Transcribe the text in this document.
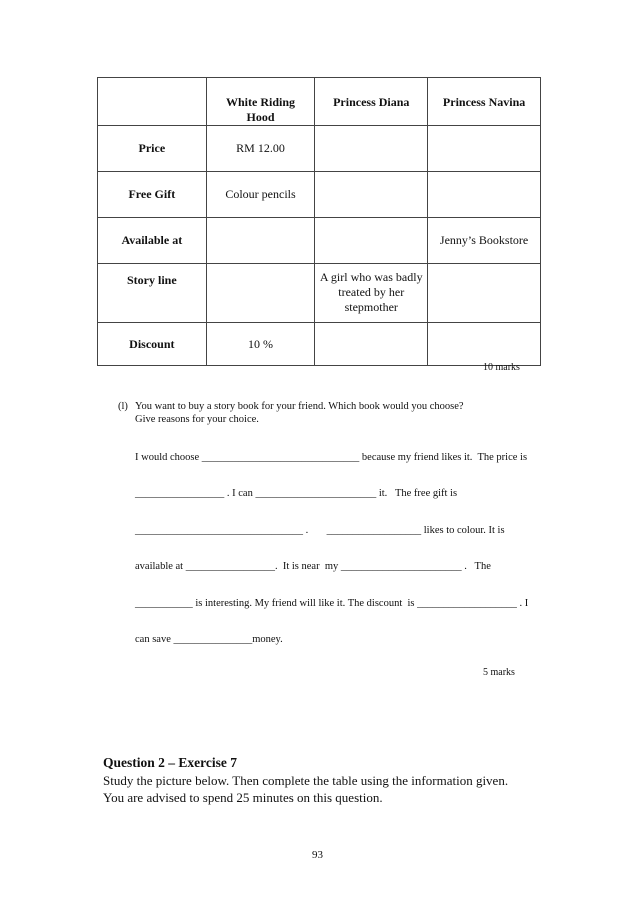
	White Riding Hood	Princess Diana	Princess Navina
Price	RM 12.00		
Free Gift	Colour pencils		
Available at			Jenny’s Bookstore
Story line		A girl who was badly treated by her stepmother	
Discount	10 %		
10 marks
(l) You want to buy a story book for your friend. Which book would you choose?
Give reasons for your choice.
I would choose ______________________________ because my friend likes it.  The price is
_________________ . I can _______________________ it.   The free gift is
________________________________ .       __________________ likes to colour. It is
available at _________________.  It is near  my _______________________ .   The
___________ is interesting. My friend will like it. The discount  is ___________________ . I
can save _______________money.
5 marks
Question 2 – Exercise 7
Study the picture below. Then complete the table using the information given.
You are advised to spend 25 minutes on this question.
93
